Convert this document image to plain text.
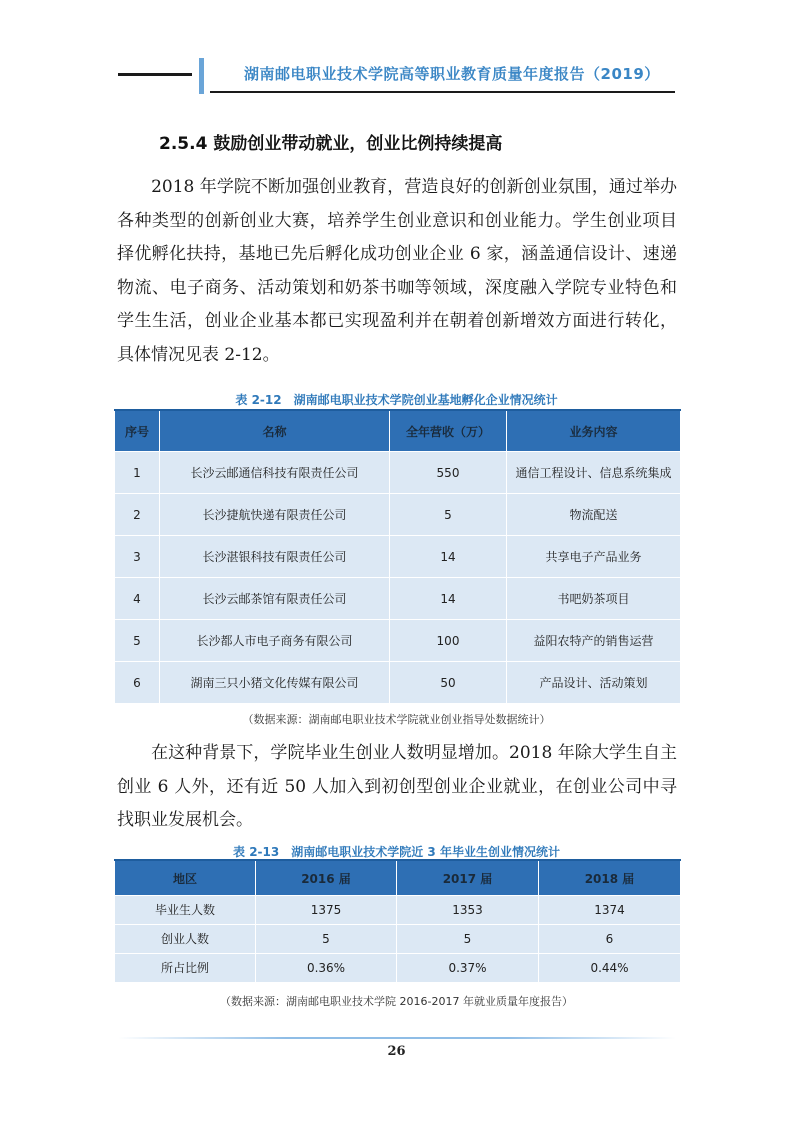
湖南邮电职业技术学院高等职业教育质量年度报告（2019）
2.5.4 鼓励创业带动就业，创业比例持续提高
　　2018 年学院不断加强创业教育，营造良好的创新创业氛围，通过举办各种类型的创新创业大赛，培养学生创业意识和创业能力。学生创业项目择优孵化扶持，基地已先后孵化成功创业企业 6 家，涵盖通信设计、速递物流、电子商务、活动策划和奶茶书咖等领域，深度融入学院专业特色和学生生活，创业企业基本都已实现盈利并在朝着创新增效方面进行转化，具体情况见表 2-12。
表 2-12　湖南邮电职业技术学院创业基地孵化企业情况统计
序号	名称	全年营收（万）	业务内容
1	长沙云邮通信科技有限责任公司	550	通信工程设计、信息系统集成
2	长沙捷航快递有限责任公司	5	物流配送
3	长沙湛银科技有限责任公司	14	共享电子产品业务
4	长沙云邮茶馆有限责任公司	14	书吧奶茶项目
5	长沙都人市电子商务有限公司	100	益阳农特产的销售运营
6	湖南三只小猪文化传媒有限公司	50	产品设计、活动策划
（数据来源：湖南邮电职业技术学院就业创业指导处数据统计）
　　在这种背景下，学院毕业生创业人数明显增加。2018 年除大学生自主创业 6 人外，还有近 50 人加入到初创型创业企业就业，在创业公司中寻找职业发展机会。
表 2-13　湖南邮电职业技术学院近 3 年毕业生创业情况统计
地区	2016 届	2017 届	2018 届
毕业生人数	1375	1353	1374
创业人数	5	5	6
所占比例	0.36%	0.37%	0.44%
（数据来源：湖南邮电职业技术学院 2016-2017 年就业质量年度报告）
26
